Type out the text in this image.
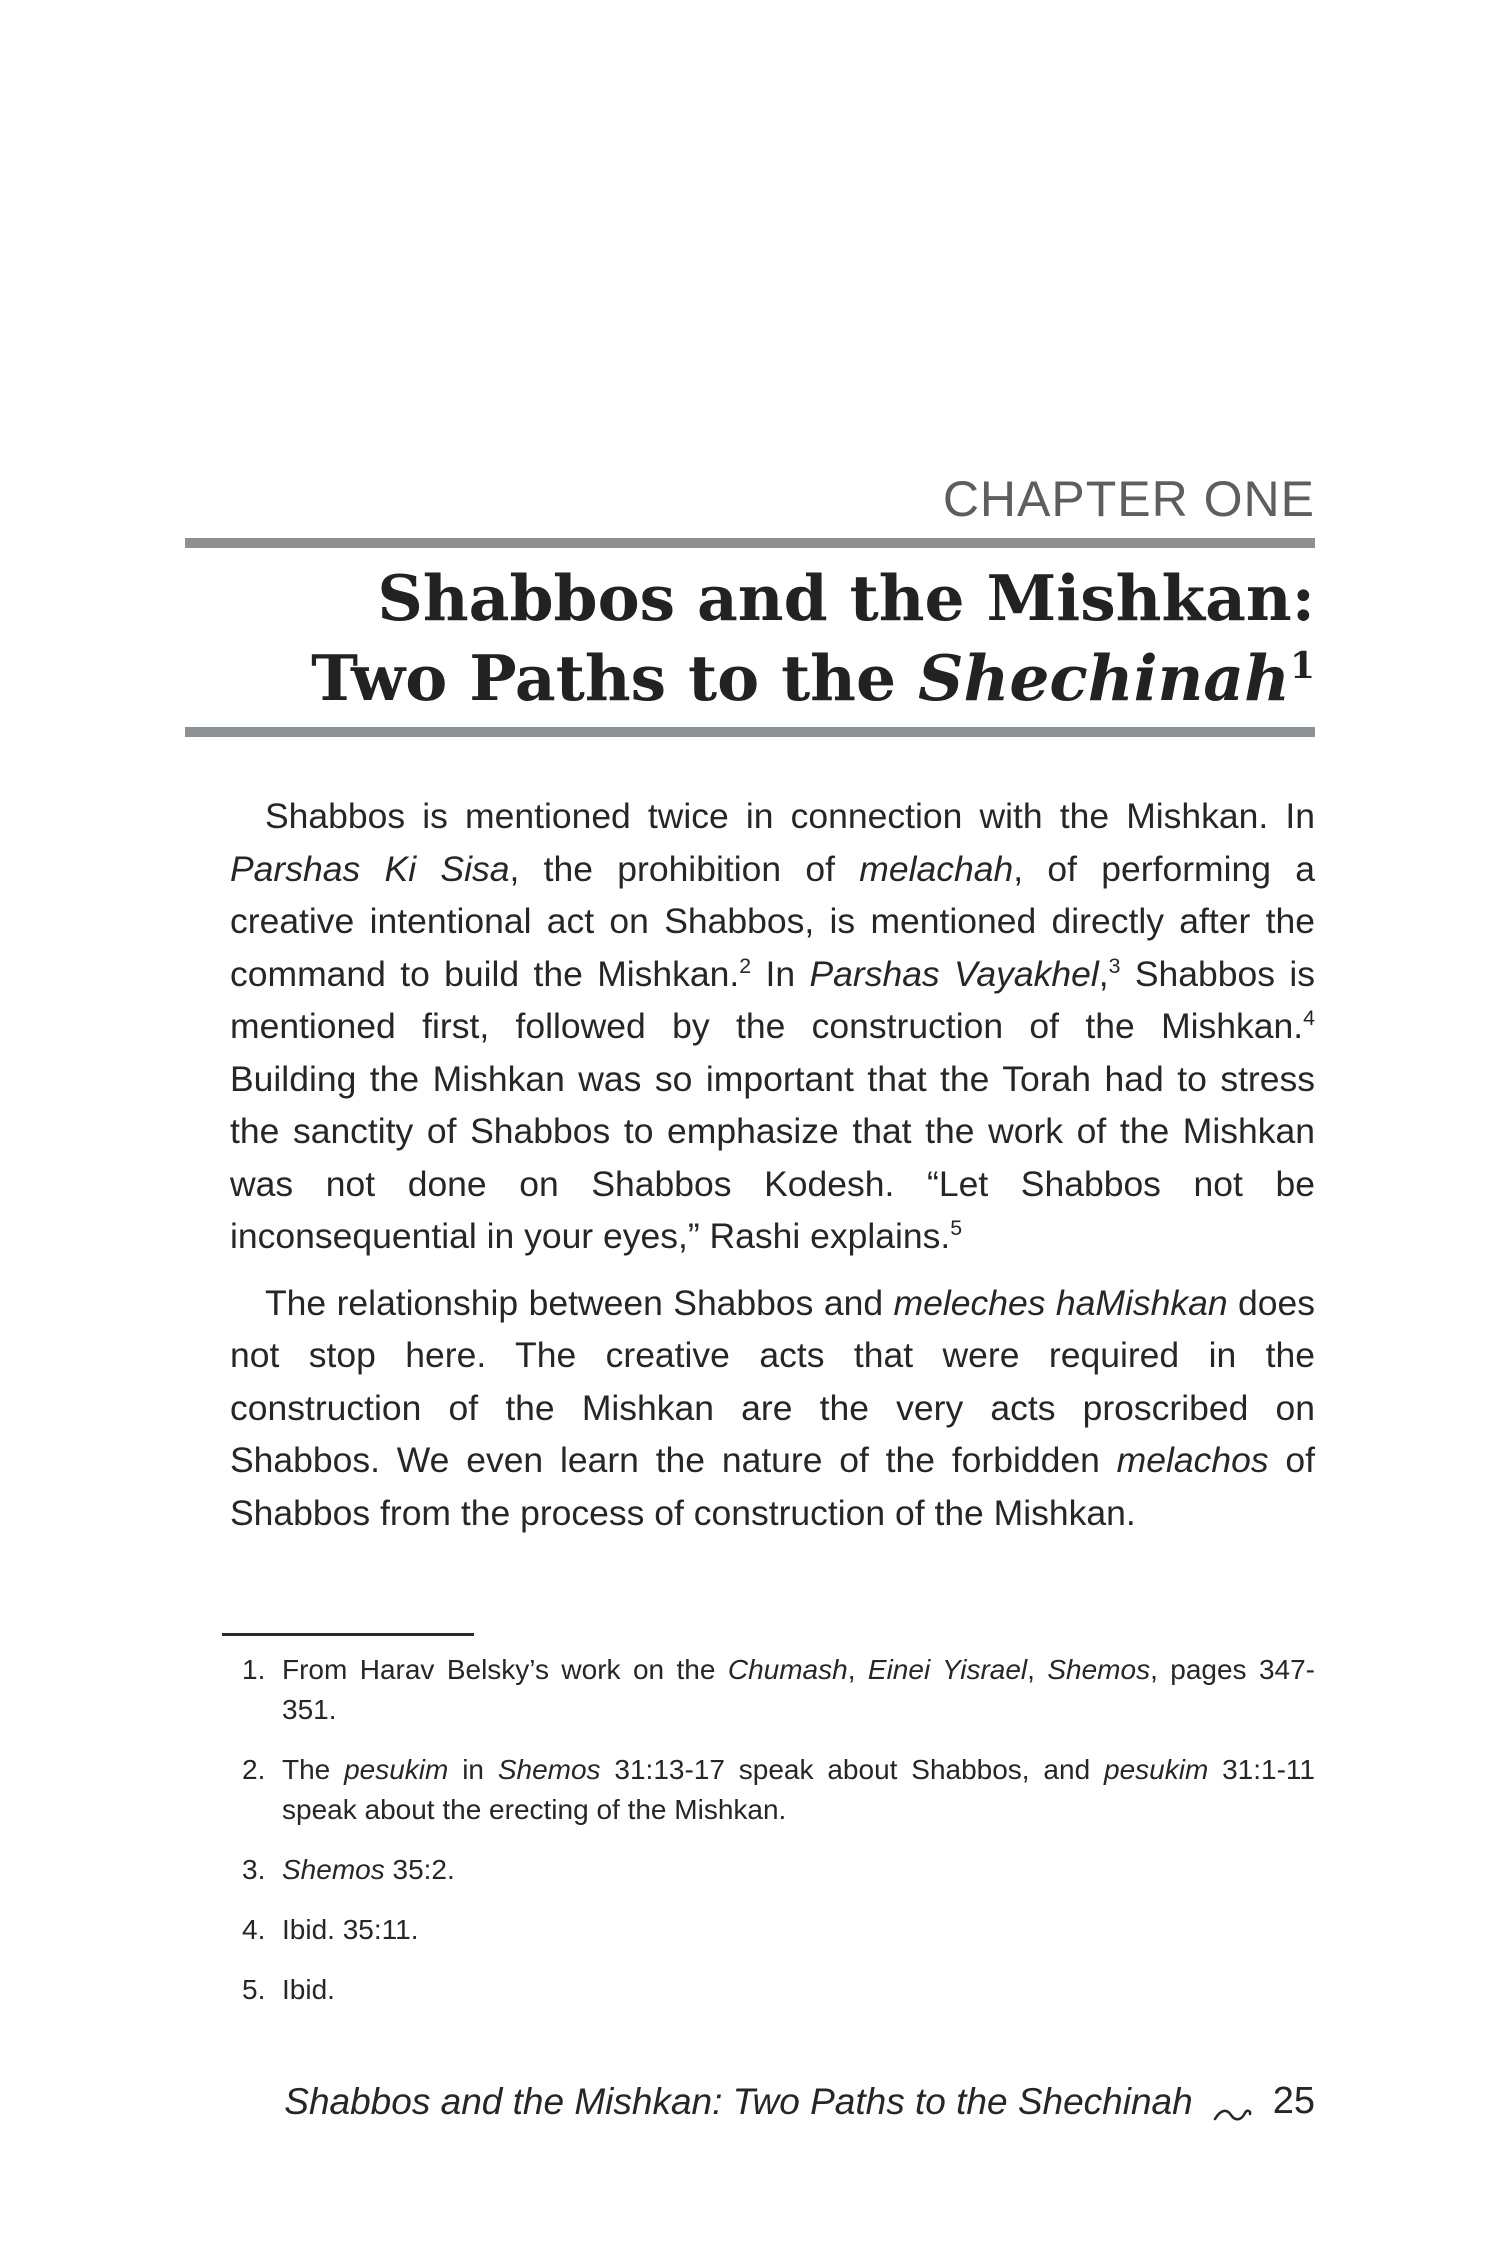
CHAPTER ONE
Shabbos and the Mishkan:
Two Paths to the Shechinah$^1$

Shabbos is mentioned twice in connection with the Mishkan. In Parshas Ki Sisa, the prohibition of melachah, of performing a creative intentional act on Shabbos, is mentioned directly after the command to build the Mishkan.$^2$ In Parshas Vayakhel,$^3$ Shabbos is mentioned first, followed by the construction of the Mishkan.$^4$ Building the Mishkan was so important that the Torah had to stress the sanctity of Shabbos to emphasize that the work of the Mishkan was not done on Shabbos Kodesh. “Let Shabbos not be inconsequential in your eyes,” Rashi explains.$^5$

The relationship between Shabbos and meleches haMishkan does not stop here. The creative acts that were required in the construction of the Mishkan are the very acts proscribed on Shabbos. We even learn the nature of the forbidden melachos of Shabbos from the process of construction of the Mishkan.

1. From Harav Belsky’s work on the Chumash, Einei Yisrael, Shemos, pages 347-351.
2. The pesukim in Shemos 31:13-17 speak about Shabbos, and pesukim 31:1-11 speak about the erecting of the Mishkan.
3. Shemos 35:2.
4. Ibid. 35:11.
5. Ibid.
Shabbos and the Mishkan: Two Paths to the Shechinah 25
